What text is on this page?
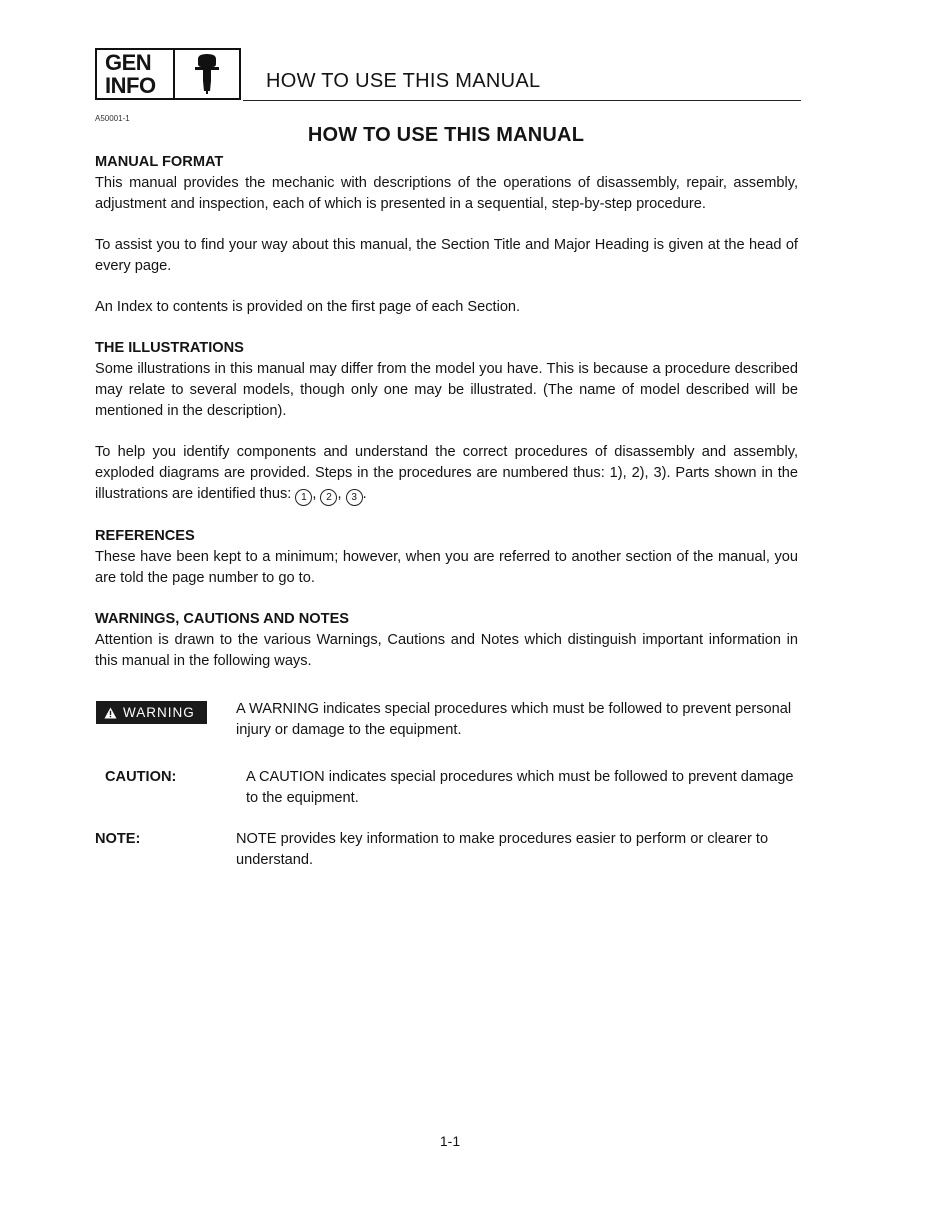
GEN
INFO	HOW TO USE THIS MANUAL
A50001-1
HOW TO USE THIS MANUAL
MANUAL FORMAT

This manual provides the mechanic with descriptions of the operations of disassembly, repair, assembly, adjustment and inspection, each of which is presented in a sequential, step-by-step procedure.

To assist you to find your way about this manual, the Section Title and Major Heading is given at the head of every page.

An Index to contents is provided on the first page of each Section.

THE ILLUSTRATIONS

Some illustrations in this manual may differ from the model you have. This is because a procedure described may relate to several models, though only one may be illustrated. (The name of model described will be mentioned in the description).

To help you identify components and understand the correct procedures of disassembly and assembly, exploded diagrams are provided. Steps in the procedures are numbered thus: 1), 2), 3). Parts shown in the illustrations are identified thus: 1 , 2 , 3 .

REFERENCES

These have been kept to a minimum; however, when you are referred to another section of the manual, you are told the page number to go to.

WARNINGS, CAUTIONS AND NOTES

Attention is drawn to the various Warnings, Cautions and Notes which distinguish important information in this manual in the following ways.

WARNING	A WARNING indicates special procedures which must be followed to prevent personal injury or damage to the equipment.
CAUTION:	A CAUTION indicates special procedures which must be followed to prevent damage to the equipment.
NOTE:	NOTE provides key information to make procedures easier to perform or clearer to understand.
1-1
